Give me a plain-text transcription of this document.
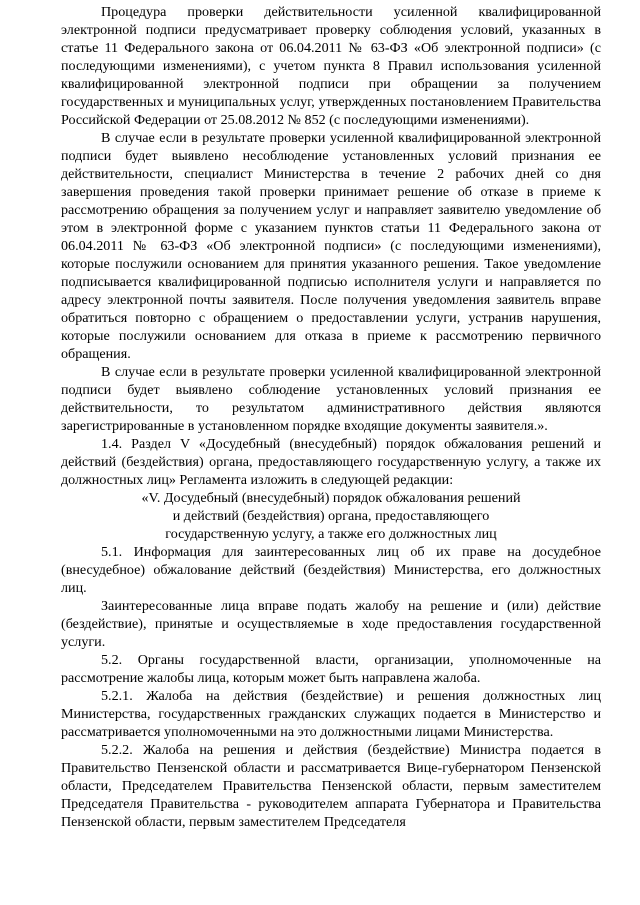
Процедура проверки действительности усиленной квалифицированной электронной подписи предусматривает проверку соблюдения условий, указанных в статье 11 Федерального закона от 06.04.2011 № 63-ФЗ «Об электронной подписи» (с последующими изменениями), с учетом пункта 8 Правил использования усиленной квалифицированной электронной подписи при обращении за получением государственных и муниципальных услуг, утвержденных постановлением Правительства Российской Федерации от 25.08.2012 № 852 (с последующими изменениями).

В случае если в результате проверки усиленной квалифицированной электронной подписи будет выявлено несоблюдение установленных условий признания ее действительности, специалист Министерства в течение 2 рабочих дней со дня завершения проведения такой проверки принимает решение об отказе в приеме к рассмотрению обращения за получением услуг и направляет заявителю уведомление об этом в электронной форме с указанием пунктов статьи 11 Федерального закона от 06.04.2011 № 63-ФЗ «Об электронной подписи» (с последующими изменениями), которые послужили основанием для принятия указанного решения. Такое уведомление подписывается квалифицированной подписью исполнителя услуги и направляется по адресу электронной почты заявителя. После получения уведомления заявитель вправе обратиться повторно с обращением о предоставлении услуги, устранив нарушения, которые послужили основанием для отказа в приеме к рассмотрению первичного обращения.

В случае если в результате проверки усиленной квалифицированной электронной подписи будет выявлено соблюдение установленных условий признания ее действительности, то результатом административного действия являются зарегистрированные в установленном порядке входящие документы заявителя.».

1.4. Раздел V «Досудебный (внесудебный) порядок обжалования решений и действий (бездействия) органа, предоставляющего государственную услугу, а также их должностных лиц» Регламента изложить в следующей редакции:

«V. Досудебный (внесудебный) порядок обжалования решений

и действий (бездействия) органа, предоставляющего

государственную услугу, а также его должностных лиц

5.1. Информация для заинтересованных лиц об их праве на досудебное (внесудебное) обжалование действий (бездействия) Министерства, его должностных лиц.

Заинтересованные лица вправе подать жалобу на решение и (или) действие (бездействие), принятые и осуществляемые в ходе предоставления государственной услуги.

5.2. Органы государственной власти, организации, уполномоченные на рассмотрение жалобы лица, которым может быть направлена жалоба.

5.2.1. Жалоба на действия (бездействие) и решения должностных лиц Министерства, государственных гражданских служащих подается в Министерство и рассматривается уполномоченными на это должностными лицами Министерства.

5.2.2. Жалоба на решения и действия (бездействие) Министра подается в Правительство Пензенской области и рассматривается Вице-губернатором Пензенской области, Председателем Правительства Пензенской области, первым заместителем Председателя Правительства - руководителем аппарата Губернатора и Правительства Пензенской области, первым заместителем Председателя
